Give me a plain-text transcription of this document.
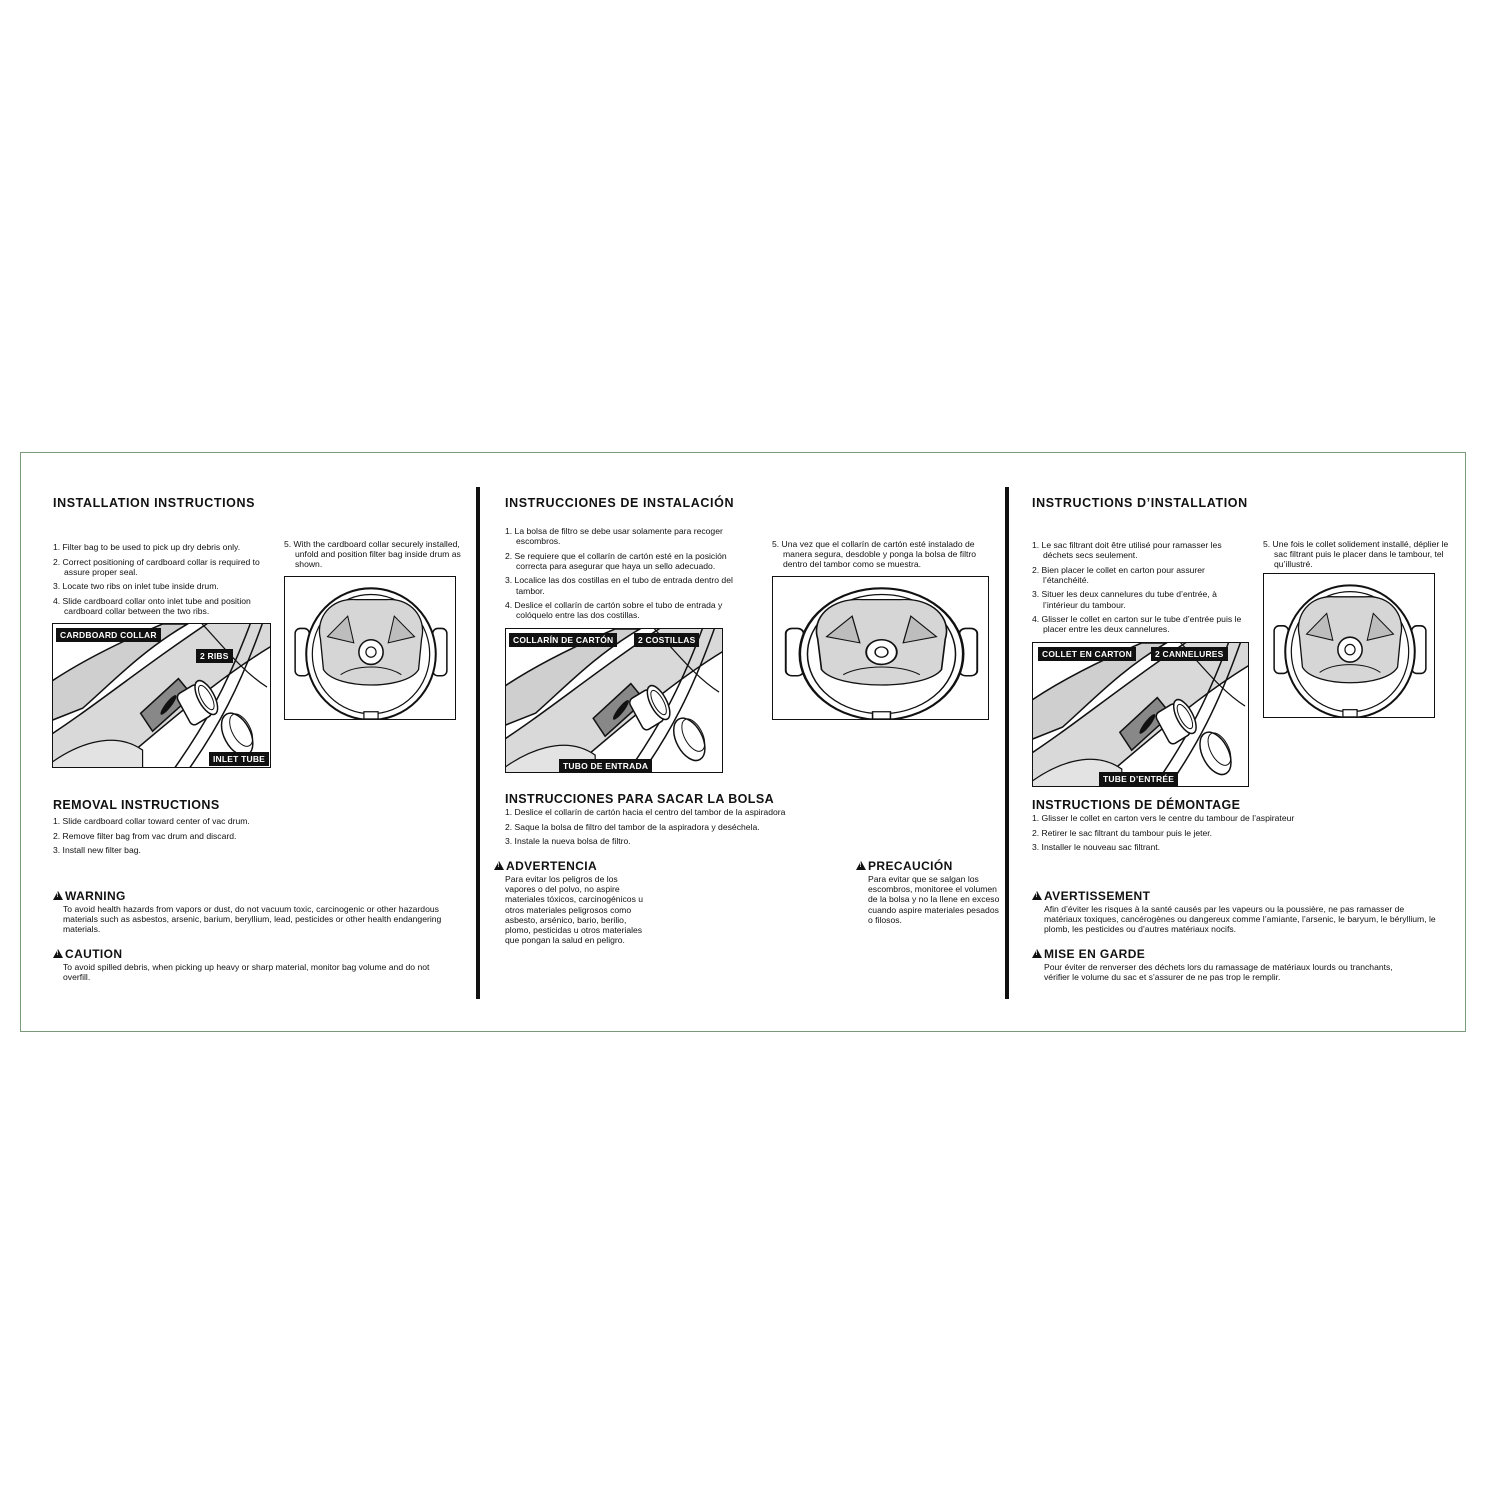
INSTALLATION INSTRUCTIONS
1. Filter bag to be used to pick up dry debris only.
2. Correct positioning of cardboard collar is required to assure proper seal.
3. Locate two ribs on inlet tube inside drum.
4. Slide cardboard collar onto inlet tube and position cardboard collar between the two ribs.
5. With the cardboard collar securely installed, unfold and position filter bag inside drum as shown.
CARDBOARD COLLAR
2 RIBS
INLET TUBE
REMOVAL INSTRUCTIONS
1. Slide cardboard collar toward center of vac drum.
2. Remove filter bag from vac drum and discard.
3. Install new filter bag.
!WARNING
To avoid health hazards from vapors or dust, do not vacuum toxic, carcinogenic or other hazardous materials such as asbestos, arsenic, barium, beryllium, lead, pesticides or other health endangering materials.
!CAUTION
To avoid spilled debris, when picking up heavy or sharp material, monitor bag volume and do not overfill.
INSTRUCCIONES DE INSTALACIÓN
1. La bolsa de filtro se debe usar solamente para recoger escombros.
2. Se requiere que el collarín de cartón esté en la posición correcta para asegurar que haya un sello adecuado.
3. Localice las dos costillas en el tubo de entrada dentro del tambor.
4. Deslice el collarín de cartón sobre el tubo de entrada y colóquelo entre las dos costillas.
5. Una vez que el collarín de cartón esté instalado de manera segura, desdoble y ponga la bolsa de filtro dentro del tambor como se muestra.
COLLARÍN DE CARTÓN	2 COSTILLAS
TUBO DE ENTRADA
INSTRUCCIONES PARA SACAR LA BOLSA
1. Deslice el collarín de cartón hacia el centro del tambor de la aspiradora
2. Saque la bolsa de filtro del tambor de la aspiradora y deséchela.
3. Instale la nueva bolsa de filtro.
!ADVERTENCIA
Para evitar los peligros de los vapores o del polvo, no aspire materiales tóxicos, carcinogénicos u otros materiales peligrosos como asbesto, arsénico, bario, berilio, plomo, pesticidas u otros materiales que pongan la salud en peligro.
!PRECAUCIÓN
Para evitar que se salgan los escombros, monitoree el volumen de la bolsa y no la llene en exceso cuando aspire materiales pesados o filosos.
INSTRUCTIONS D’INSTALLATION
1. Le sac filtrant doit être utilisé pour ramasser les déchets secs seulement.
2. Bien placer le collet en carton pour assurer l’étanchéité.
3. Situer les deux cannelures du tube d’entrée, à l’intérieur du tambour.
4. Glisser le collet en carton sur le tube d’entrée puis le placer entre les deux cannelures.
5. Une fois le collet solidement installé, déplier le sac filtrant puis le placer dans le tambour, tel qu’illustré.
COLLET EN CARTON	2 CANNELURES
TUBE D’ENTRÉE
INSTRUCTIONS DE DÉMONTAGE
1. Glisser le collet en carton vers le centre du tambour de l’aspirateur
2. Retirer le sac filtrant du tambour puis le jeter.
3. Installer le nouveau sac filtrant.
!AVERTISSEMENT
Afin d’éviter les risques à la santé causés par les vapeurs ou la poussière, ne pas ramasser de matériaux toxiques, cancérogènes ou dangereux comme l’amiante, l’arsenic, le baryum, le béryllium, le plomb, les pesticides ou d’autres matériaux nocifs.
!MISE EN GARDE
Pour éviter de renverser des déchets lors du ramassage de matériaux lourds ou tranchants, vérifier le volume du sac et s’assurer de ne pas trop le remplir.
